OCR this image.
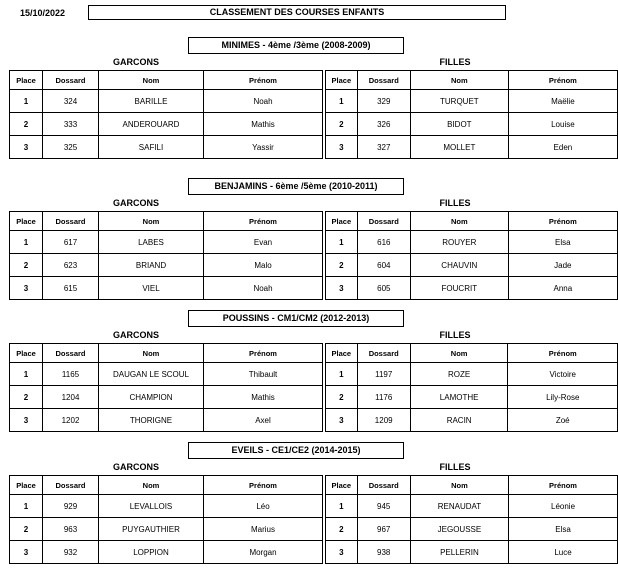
15/10/2022	CLASSEMENT DES COURSES ENFANTS
MINIMES - 4ème /3ème (2008-2009)
GARCONS	FILLES
Place	Dossard	Nom	Prénom
1	324	BARILLE	Noah
2	333	ANDEROUARD	Mathis
3	325	SAFILI	Yassir
Place	Dossard	Nom	Prénom
1	329	TURQUET	Maëlie
2	326	BIDOT	Louise
3	327	MOLLET	Eden
BENJAMINS - 6ème /5ème (2010-2011)
GARCONS	FILLES
Place	Dossard	Nom	Prénom
1	617	LABES	Evan
2	623	BRIAND	Malo
3	615	VIEL	Noah
Place	Dossard	Nom	Prénom
1	616	ROUYER	Elsa
2	604	CHAUVIN	Jade
3	605	FOUCRIT	Anna
POUSSINS - CM1/CM2 (2012-2013)
GARCONS	FILLES
Place	Dossard	Nom	Prénom
1	1165	DAUGAN LE SCOUL	Thibault
2	1204	CHAMPION	Mathis
3	1202	THORIGNE	Axel
Place	Dossard	Nom	Prénom
1	1197	ROZE	Victoire
2	1176	LAMOTHE	Lily-Rose
3	1209	RACIN	Zoé
EVEILS - CE1/CE2 (2014-2015)
GARCONS	FILLES
Place	Dossard	Nom	Prénom
1	929	LEVALLOIS	Léo
2	963	PUYGAUTHIER	Marius
3	932	LOPPION	Morgan
Place	Dossard	Nom	Prénom
1	945	RENAUDAT	Léonie
2	967	JEGOUSSE	Elsa
3	938	PELLERIN	Luce
